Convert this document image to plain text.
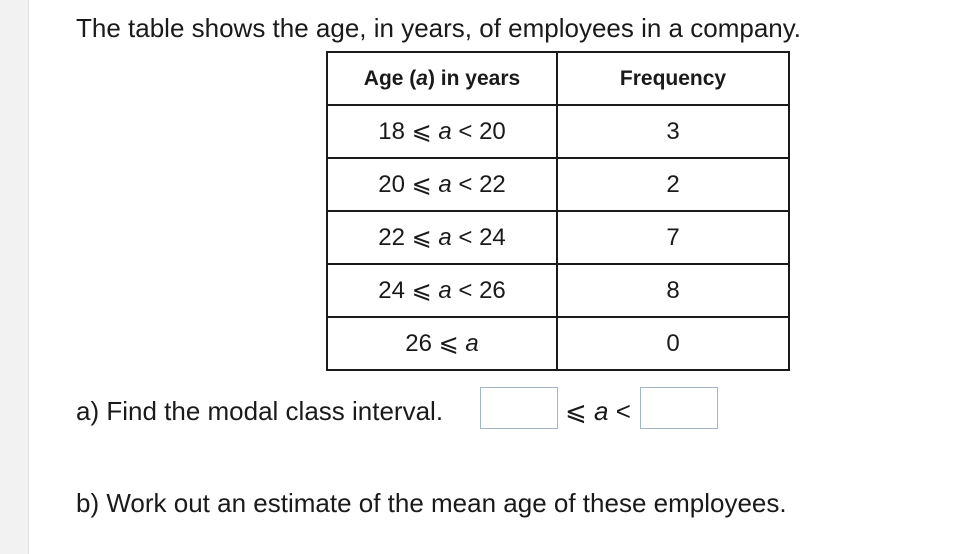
The table shows the age, in years, of employees in a company.
Age (a) in years	Frequency
18 ⩽ a < 20	3
20 ⩽ a < 22	2
22 ⩽ a < 24	7
24 ⩽ a < 26	8
26 ⩽ a	0
a) Find the modal class interval.	⩽ a <
b) Work out an estimate of the mean age of these employees.
